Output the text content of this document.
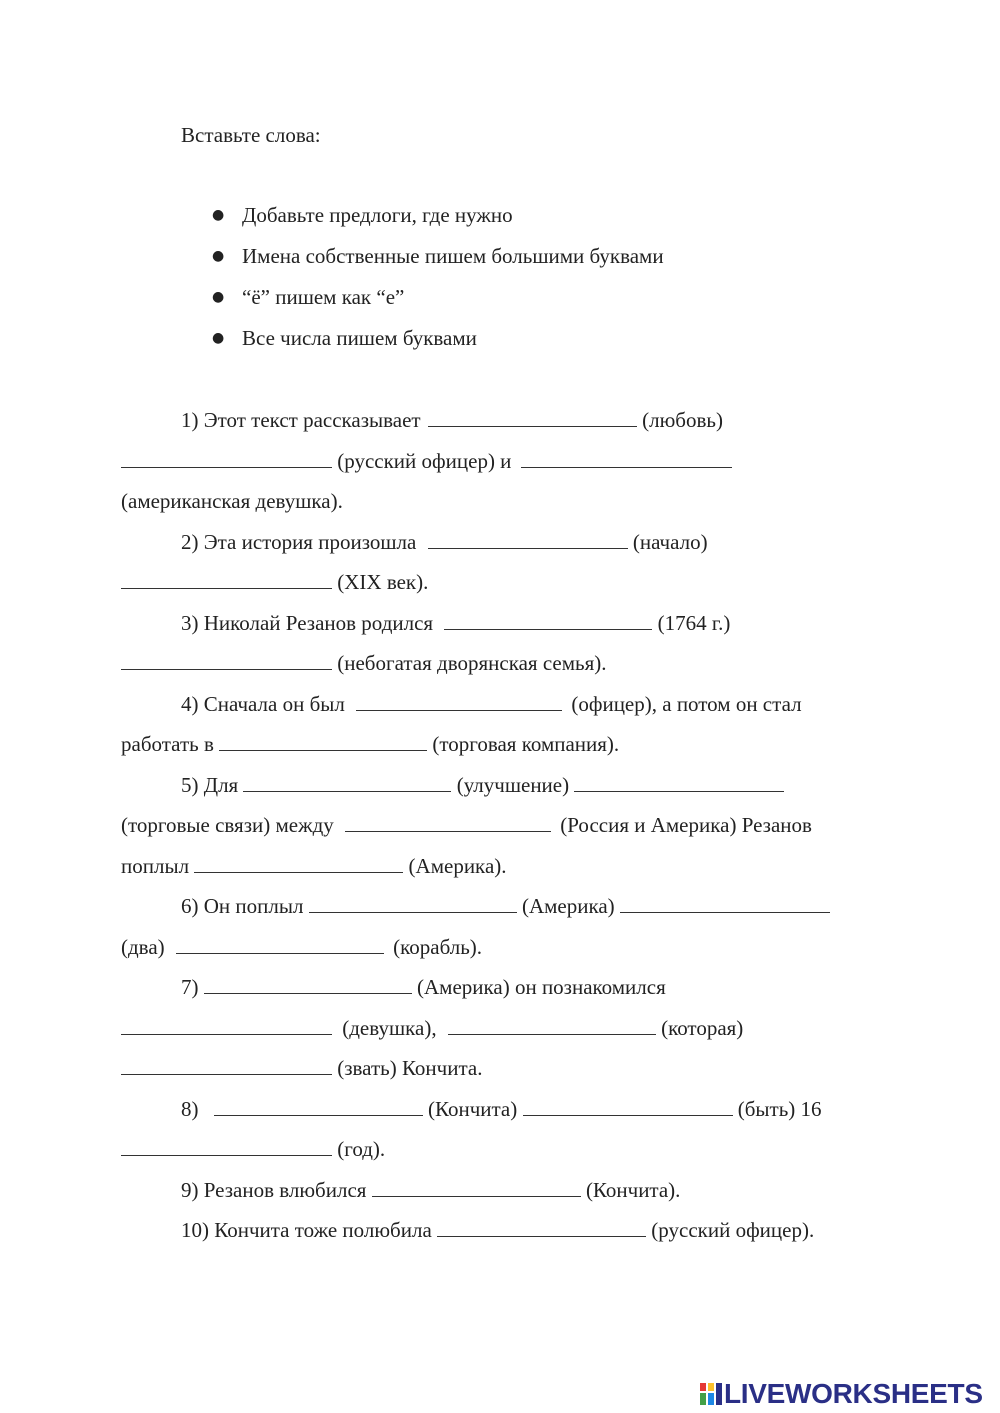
Вставьте слова:
● Добавьте предлоги, где нужно
● Имена собственные пишем большими буквами
● “ё” пишем как “е”
● Все числа пишем буквами
1) Этот текст рассказывает	(любовь)
(русский офицер) и
(американская девушка).
2) Эта история произошла	(начало)
(XIX век).
3) Николай Резанов родился	(1764 г.)
(небогатая дворянская семья).
4) Сначала он был	(офицер), а потом он стал
работать в	(торговая компания).
5) Для	(улучшение)
(торговые связи) между	(Россия и Америка) Резанов
поплыл	(Америка).
6) Он поплыл	(Америка)
(два)	(корабль).
7)	(Америка) он познакомился
(девушка),	(которая)
(звать) Кончита.
8)	(Кончита)	(быть) 16
(год).
9) Резанов влюбился	(Кончита).
10) Кончита тоже полюбила	(русский офицер).
LIVEWORKSHEETS
